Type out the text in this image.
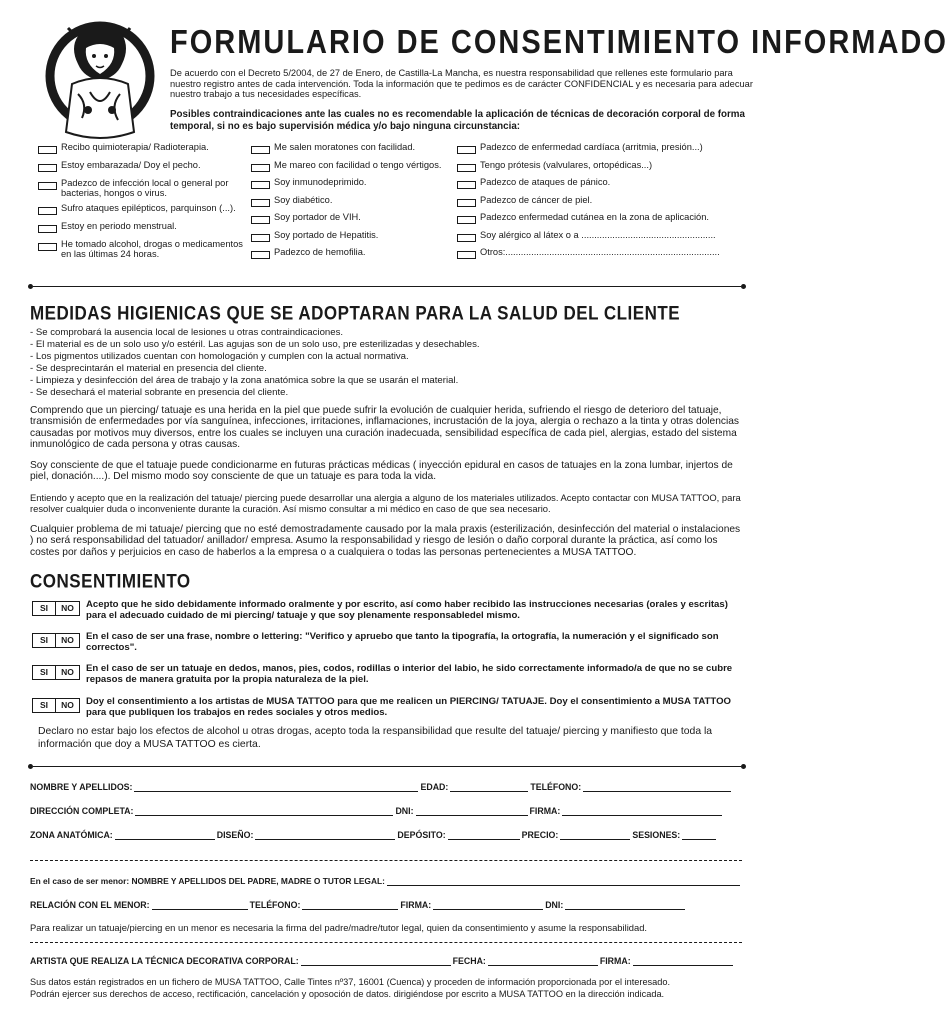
FORMULARIO DE CONSENTIMIENTO INFORMADO

De acuerdo con el Decreto 5/2004, de 27 de Enero, de Castilla-La Mancha, es nuestra responsabilidad que rellenes este formulario para nuestro registro antes de cada intervención. Toda la información que te pedimos es de carácter CONFIDENCIAL y es necesaria para adecuar nuestro trabajo a tus necesidades específicas.

Posibles contraindicaciones ante las cuales no es recomendable la aplicación de técnicas de decoración corporal de forma temporal, si no es bajo supervisión médica y/o bajo ninguna circunstancia:

Recibo quimioterapia/ Radioterapia.
Estoy embarazada/ Doy el pecho.
Padezco de infección local o general por bacterias, hongos o virus.
Sufro ataques epilépticos, parquinson (...).
Estoy en periodo menstrual.
He tomado alcohol, drogas o medicamentos en las últimas 24 horas.
Me salen moratones con facilidad.
Me mareo con facilidad o tengo vértigos.
Soy inmunodeprimido.
Soy diabético.
Soy portador de VIH.
Soy portado de Hepatitis.
Padezco de hemofilia.
Padezco de enfermedad cardíaca (arritmia, presión...)
Tengo prótesis (valvulares, ortopédicas...)
Padezco de ataques de pánico.
Padezco de cáncer de piel.
Padezco enfermedad cutánea en la zona de aplicación.
Soy alérgico al látex o a ....................................................
Otros:...................................................................................
MEDIDAS HIGIENICAS QUE SE ADOPTARAN PARA LA SALUD DEL CLIENTE
- Se comprobará la ausencia local de lesiones u otras contraindicaciones.
- El material es de un solo uso y/o estéril. Las agujas son de un solo uso, pre esterilizadas y desechables.
- Los pigmentos utilizados cuentan con homologación y cumplen con la actual normativa.
- Se desprecintarán el material en presencia del cliente.
- Limpieza y desinfección del área de trabajo y la zona anatómica sobre la que se usarán el material.
- Se desechará el material sobrante en presencia del cliente.

Comprendo que un piercing/ tatuaje es una herida en la piel que puede sufrir la evolución de cualquier herida, sufriendo el riesgo de deterioro del tatuaje, transmisión de enfermedades por vía sanguínea, infecciones, irritaciones, inflamaciones, incrustación de la joya, alergia o rechazo a la tinta y otras dolencias causadas por motivos muy diversos, entre los cuales se incluyen una curación inadecuada, sensibilidad específica de cada piel, alergias, estado del sistema inmunológico de cada persona y otras causas.

Soy consciente de que el tatuaje puede condicionarme en futuras prácticas médicas ( inyección epidural en casos de tatuajes en la zona lumbar, injertos de piel, donación....). Del mismo modo soy consciente de que un tatuaje es para toda la vida.

Entiendo y acepto que en la realización del tatuaje/ piercing puede desarrollar una alergia a alguno de los materiales utilizados. Acepto contactar con MUSA TATTOO, para resolver cualquier duda o inconveniente durante la curación. Así mismo consultar a mi médico en caso de que sea necesario.

Cualquier problema de mi tatuaje/ piercing que no esté demostradamente causado por la mala praxis (esterilización, desinfección del material o instalaciones ) no será responsabilidad del tatuador/ anillador/ empresa. Asumo la responsabilidad y riesgo de lesión o daño corporal durante la práctica, así como los costes por daños y perjuicios en caso de haberlos a la empresa o a cualquiera o todas las personas pertenecientes a MUSA TATTOO.

CONSENTIMIENTO
SI	NO	Acepto que he sido debidamente informado oralmente y por escrito, así como haber recibido las instrucciones necesarias (orales y escritas) para el adecuado cuidado de mi piercing/ tatuaje y que soy plenamente responsabledel mismo.

SI	NO	En el caso de ser una frase, nombre o lettering: "Verifico y apruebo que tanto la tipografía, la ortografía, la numeración y el significado son correctos".

SI	NO	En el caso de ser un tatuaje en dedos, manos, pies, codos, rodillas o interior del labio, he sido correctamente informado/a de que no se cubre repasos de manera gratuita por la propia naturaleza de la piel.

SI	NO	Doy el consentimiento a los artistas de MUSA TATTOO para que me realicen un PIERCING/ TATUAJE. Doy el consentimiento a MUSA TATTOO para que publiquen los trabajos en redes sociales y otros medios.

Declaro no estar bajo los efectos de alcohol u otras drogas, acepto toda la respansibilidad que resulte del tatuaje/ piercing y manifiesto que toda la información que doy a MUSA TATTOO es cierta.

NOMBRE Y APELLIDOS:	EDAD:	TELÉFONO:
DIRECCIÓN COMPLETA:	DNI:	FIRMA:
ZONA ANATÓMICA:	DISEÑO:	DEPÓSITO:	PRECIO:	SESIONES:
En el caso de ser menor: NOMBRE Y APELLIDOS DEL PADRE, MADRE O TUTOR LEGAL:
RELACIÓN CON EL MENOR:	TELÉFONO:	FIRMA:	DNI:

Para realizar un tatuaje/piercing en un menor es necesaria la firma del padre/madre/tutor legal, quien da consentimiento y asume la responsabilidad.

ARTISTA QUE REALIZA LA TÉCNICA DECORATIVA CORPORAL:	FECHA:	FIRMA:

Sus datos están registrados en un fichero de MUSA TATTOO, Calle Tintes nº37, 16001 (Cuenca) y proceden de información proporcionada por el interesado.

Podrán ejercer sus derechos de acceso, rectificación, cancelación y oposoción de datos. dirigiéndose por escrito a MUSA TATTOO en la dirección indicada.
